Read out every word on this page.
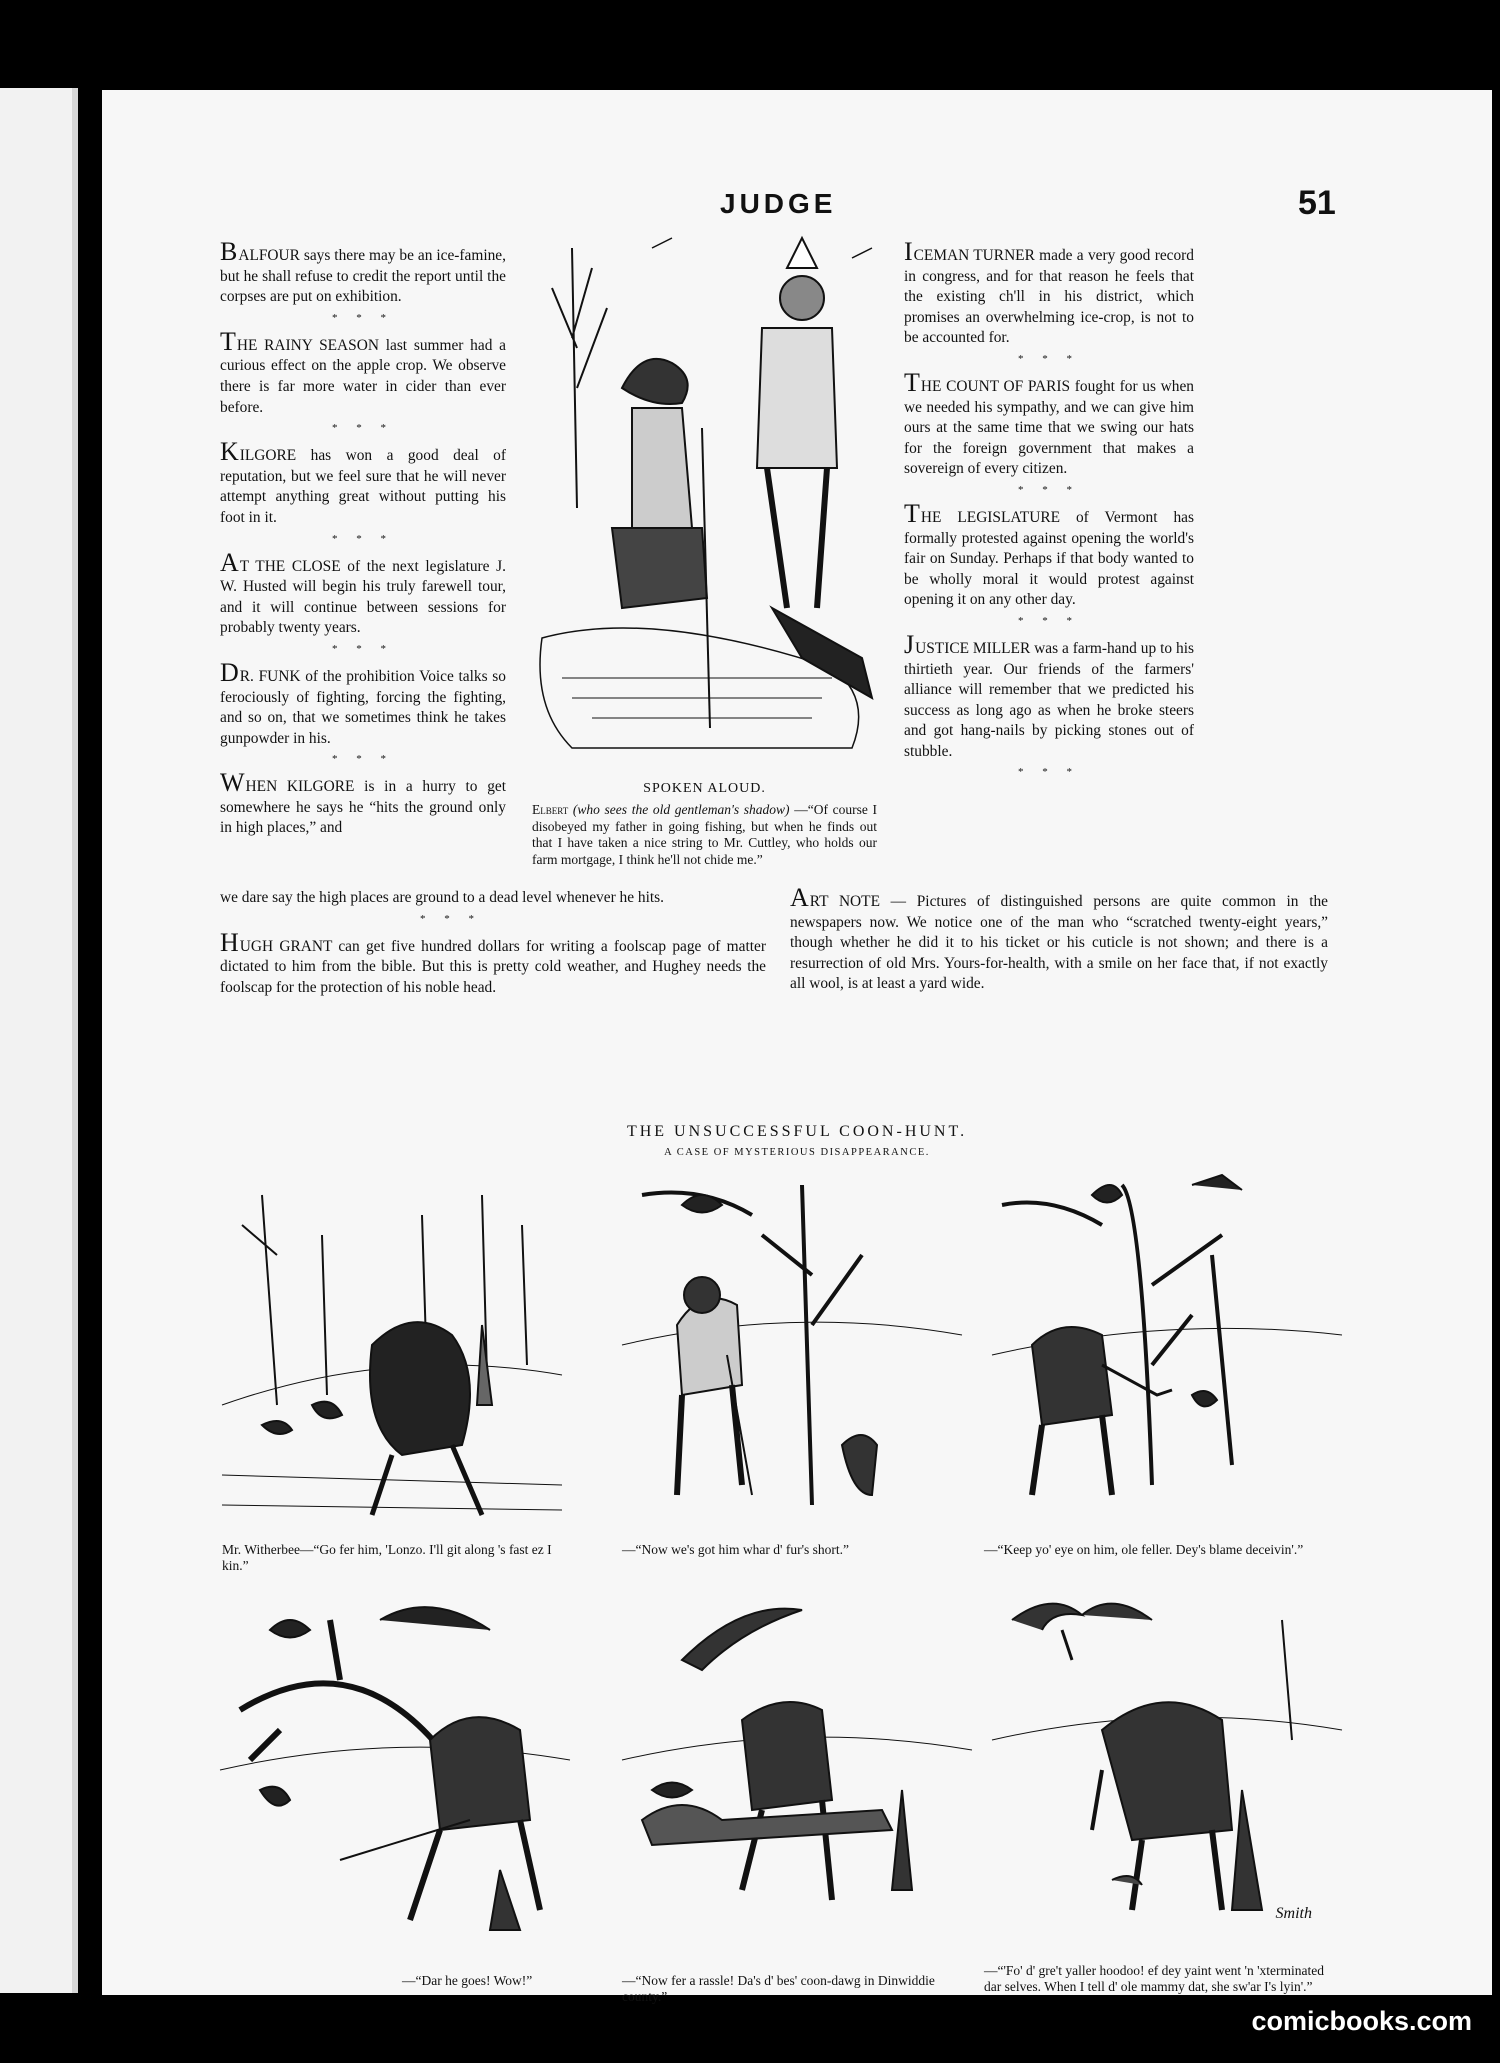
JUDGE	51

BALFOUR says there may be an ice-famine, but he shall refuse to credit the report until the corpses are put on exhibition.

* * *

THE RAINY SEASON last summer had a curious effect on the apple crop. We observe there is far more water in cider than ever before.

* * *

KILGORE has won a good deal of reputation, but we feel sure that he will never attempt anything great without putting his foot in it.

* * *

AT THE CLOSE of the next legislature J. W. Husted will begin his truly farewell tour, and it will continue between sessions for probably twenty years.

* * *

DR. FUNK of the prohibition Voice talks so ferociously of fighting, forcing the fighting, and so on, that we sometimes think he takes gunpowder in his.

* * *

WHEN KILGORE is in a hurry to get somewhere he says he “hits the ground only in high places,” and

we dare say the high places are ground to a dead level whenever he hits.

* * *

HUGH GRANT can get five hundred dollars for writing a foolscap page of matter dictated to him from the bible. But this is pretty cold weather, and Hughey needs the foolscap for the protection of his noble head.

SPOKEN ALOUD.
Elbert (who sees the old gentleman's shadow) —“Of course I disobeyed my father in going fishing, but when he finds out that I have taken a nice string to Mr. Cuttley, who holds our farm mortgage, I think he'll not chide me.”

ICEMAN TURNER made a very good record in congress, and for that reason he feels that the existing ch'll in his district, which promises an overwhelming ice-crop, is not to be accounted for.

* * *

THE COUNT OF PARIS fought for us when we needed his sympathy, and we can give him ours at the same time that we swing our hats for the foreign government that makes a sovereign of every citizen.

* * *

THE LEGISLATURE of Vermont has formally protested against opening the world's fair on Sunday. Perhaps if that body wanted to be wholly moral it would protest against opening it on any other day.

* * *

JUSTICE MILLER was a farm-hand up to his thirtieth year. Our friends of the farmers' alliance will remember that we predicted his success as long ago as when he broke steers and got hang-nails by picking stones out of stubble.

* * *

ART NOTE — Pictures of distinguished persons are quite common in the newspapers now. We notice one of the man who “scratched twenty-eight years,” though whether he did it to his ticket or his cuticle is not shown; and there is a resurrection of old Mrs. Yours-for-health, with a smile on her face that, if not exactly all wool, is at least a yard wide.

THE UNSUCCESSFUL COON-HUNT.
A CASE OF MYSTERIOUS DISAPPEARANCE.
Mr. Witherbee—“Go fer him, 'Lonzo. I'll git along 's fast ez I kin.”
—“Now we's got him whar d' fur's short.”	—“Keep yo' eye on him, ole feller. Dey's blame deceivin'.”
—“Dar he goes! Wow!”	—“Now fer a rassle! Da's d' bes' coon-dawg in Dinwiddie county.”
Smith
—“'Fo' d' gre't yaller hoodoo! ef dey yaint went 'n 'xterminated dar selves. When I tell d' ole mammy dat, she sw'ar I's lyin'.”
comicbooks.com
